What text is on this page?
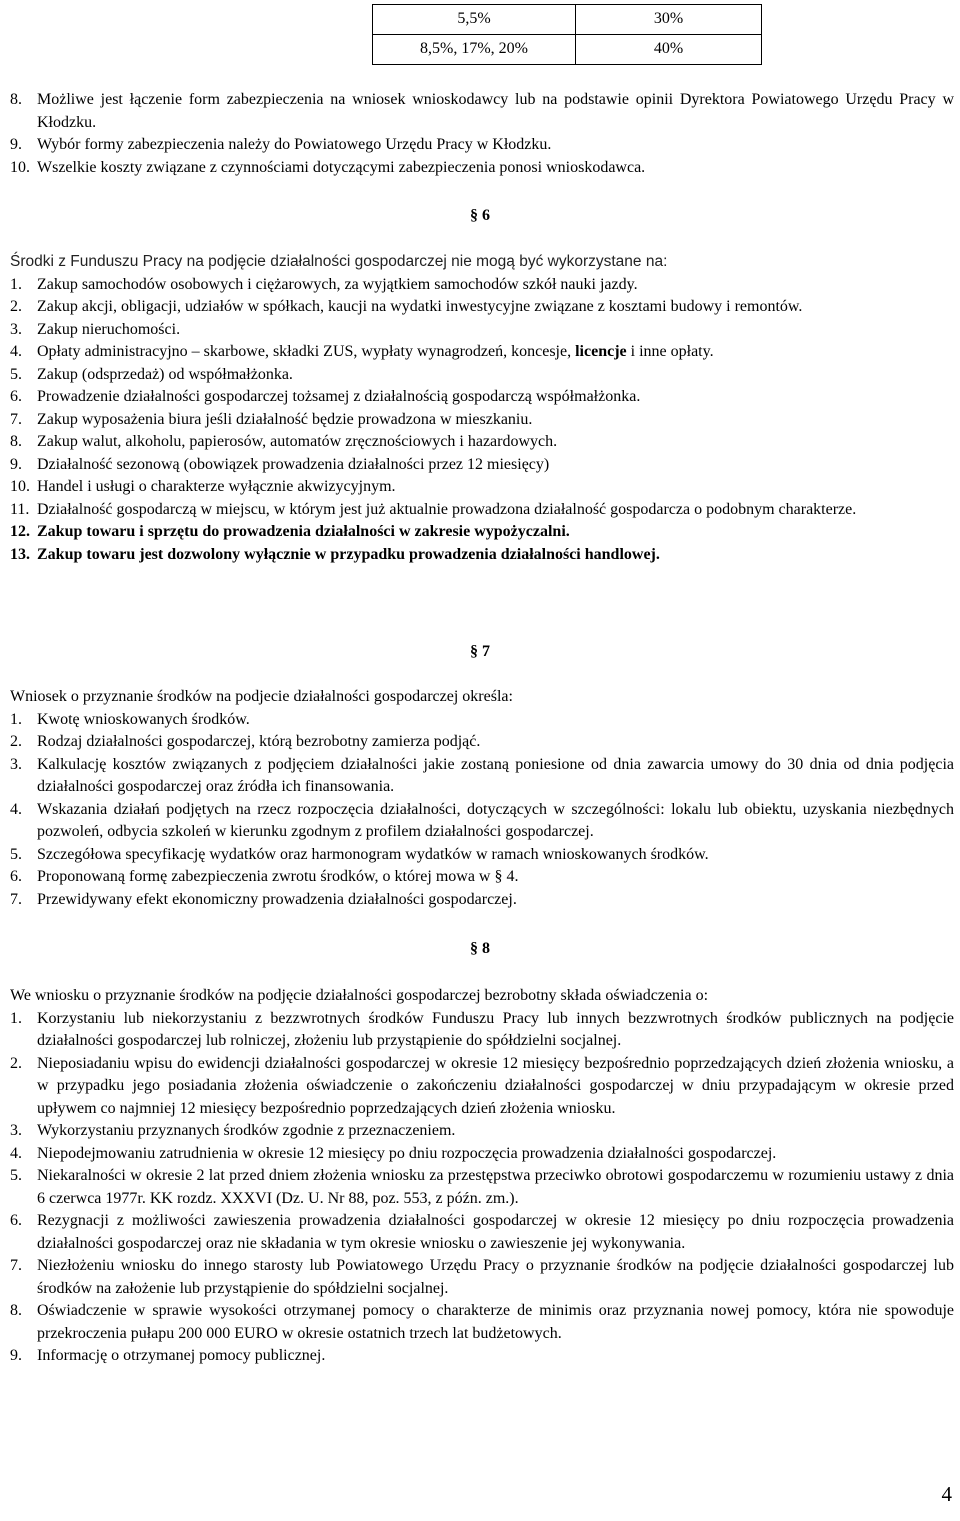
5,5%	30%
8,5%, 17%, 20%	40%
8. Możliwe jest łączenie form zabezpieczenia na wniosek wnioskodawcy lub na podstawie opinii Dyrektora Powiatowego Urzędu Pracy w Kłodzku.
9. Wybór formy zabezpieczenia należy do Powiatowego Urzędu Pracy w Kłodzku.
10. Wszelkie koszty związane z czynnościami dotyczącymi zabezpieczenia ponosi wnioskodawca.
§ 6

Środki z Funduszu Pracy na podjęcie działalności gospodarczej nie mogą być wykorzystane na:

1. Zakup samochodów osobowych i ciężarowych, za wyjątkiem samochodów szkół nauki jazdy.
2. Zakup akcji, obligacji, udziałów w spółkach, kaucji na wydatki inwestycyjne związane z kosztami budowy i remontów.
3. Zakup nieruchomości.
4. Opłaty administracyjno – skarbowe, składki ZUS, wypłaty wynagrodzeń, koncesje, licencje i inne opłaty.
5. Zakup (odsprzedaż) od współmałżonka.
6. Prowadzenie działalności gospodarczej tożsamej z działalnością gospodarczą współmałżonka.
7. Zakup wyposażenia biura jeśli działalność będzie prowadzona w mieszkaniu.
8. Zakup walut, alkoholu, papierosów, automatów zręcznościowych i hazardowych.
9. Działalność sezonową (obowiązek prowadzenia działalności przez 12 miesięcy)
10. Handel i usługi o charakterze wyłącznie akwizycyjnym.
11. Działalność gospodarczą w miejscu, w którym jest już aktualnie prowadzona działalność gospodarcza o podobnym charakterze.
12. Zakup towaru i sprzętu do prowadzenia działalności w zakresie wypożyczalni.
13. Zakup towaru jest dozwolony wyłącznie w przypadku prowadzenia działalności handlowej.
§ 7

Wniosek o przyznanie środków na podjecie działalności gospodarczej określa:

1. Kwotę wnioskowanych środków.
2. Rodzaj działalności gospodarczej, którą bezrobotny zamierza podjąć.
3. Kalkulację kosztów związanych z podjęciem działalności jakie zostaną poniesione od dnia zawarcia umowy do 30 dnia od dnia podjęcia działalności gospodarczej oraz źródła ich finansowania.
4. Wskazania działań podjętych na rzecz rozpoczęcia działalności, dotyczących w szczególności: lokalu lub obiektu, uzyskania niezbędnych pozwoleń, odbycia szkoleń w kierunku zgodnym z profilem działalności gospodarczej.
5. Szczegółowa specyfikację wydatków oraz harmonogram wydatków w ramach wnioskowanych środków.
6. Proponowaną formę zabezpieczenia zwrotu środków, o której mowa w § 4.
7. Przewidywany efekt ekonomiczny prowadzenia działalności gospodarczej.
§ 8

We wniosku o przyznanie środków na podjęcie działalności gospodarczej bezrobotny składa oświadczenia o:

1. Korzystaniu lub niekorzystaniu z bezzwrotnych środków Funduszu Pracy lub innych bezzwrotnych środków publicznych na podjęcie działalności gospodarczej lub rolniczej, złożeniu lub przystąpienie do spółdzielni socjalnej.
2. Nieposiadaniu wpisu do ewidencji działalności gospodarczej w okresie 12 miesięcy bezpośrednio poprzedzających dzień złożenia wniosku, a w przypadku jego posiadania złożenia oświadczenie o zakończeniu działalności gospodarczej w dniu przypadającym w okresie przed upływem co najmniej 12 miesięcy bezpośrednio poprzedzających dzień złożenia wniosku.
3. Wykorzystaniu przyznanych środków zgodnie z przeznaczeniem.
4. Niepodejmowaniu zatrudnienia w okresie 12 miesięcy po dniu rozpoczęcia prowadzenia działalności gospodarczej.
5. Niekaralności w okresie 2 lat przed dniem złożenia wniosku za przestępstwa przeciwko obrotowi gospodarczemu w rozumieniu ustawy z dnia 6 czerwca 1977r. KK rozdz. XXXVI (Dz. U. Nr 88, poz. 553, z późn. zm.).
6. Rezygnacji z możliwości zawieszenia prowadzenia działalności gospodarczej w okresie 12 miesięcy po dniu rozpoczęcia prowadzenia działalności gospodarczej oraz nie składania w tym okresie wniosku o zawieszenie jej wykonywania.
7. Niezłożeniu wniosku do innego starosty lub Powiatowego Urzędu Pracy o przyznanie środków na podjęcie działalności gospodarczej lub środków na założenie lub przystąpienie do spółdzielni socjalnej.
8. Oświadczenie w sprawie wysokości otrzymanej pomocy o charakterze de minimis oraz przyznania nowej pomocy, która nie spowoduje przekroczenia pułapu 200 000 EURO w okresie ostatnich trzech lat budżetowych.
9. Informację o otrzymanej pomocy publicznej.
4
